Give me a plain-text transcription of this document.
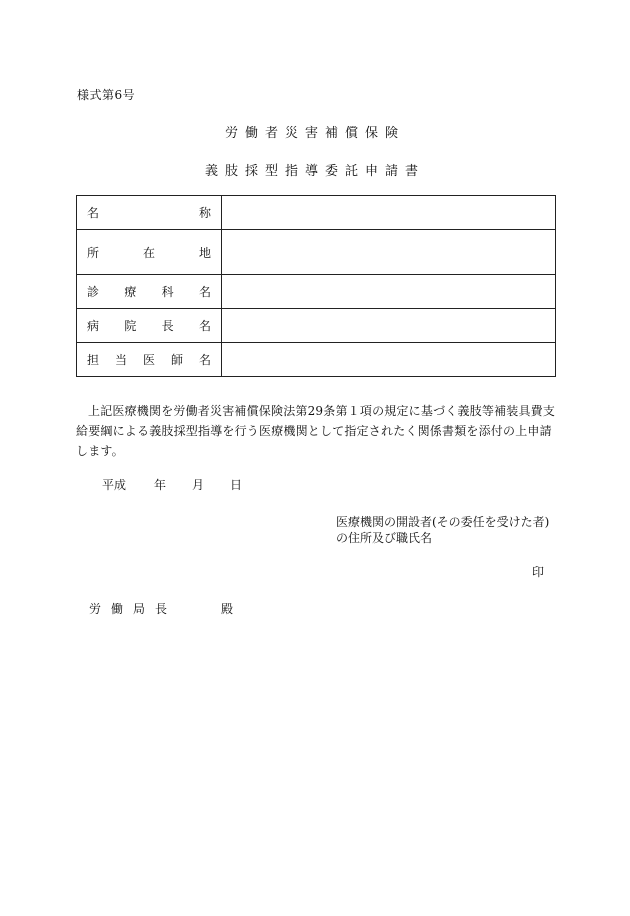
様式第6号
労働者災害補償保険
義肢採型指導委託申請書
名 称	

所 在 地	

診 療 科 名	

病 院 長 名	

担 当 医 師 名	

上記医療機関を労働者災害補償保険法第29条第１項の規定に基づく義肢等補装具費支給要綱による義肢採型指導を行う医療機関として指定されたく関係書類を添付の上申請します。
平成 年 月 日
医療機関の開設者(その委任を受けた者)
の住所及び職氏名
印
労働局長	殿
